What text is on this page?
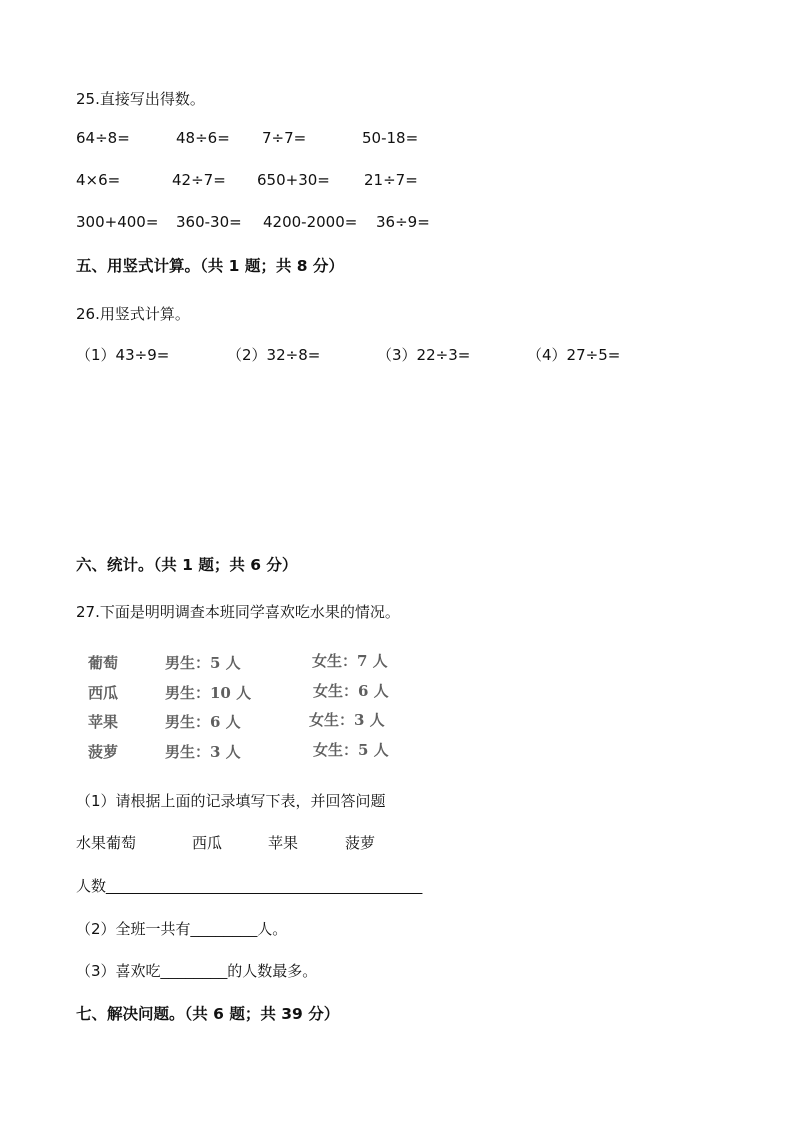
25.直接写出得数。
64÷8=	48÷6= 7÷7=	50-18=
4×6=	42÷7= 650+30= 21÷7=
300+400= 360-30= 4200-2000= 36÷9=
五、用竖式计算。（共 1 题；共 8 分）
26.用竖式计算。
（1）43÷9=	（2）32÷8=	（3）22÷3=	（4）27÷5=
六、统计。（共 1 题；共 6 分）
27.下面是明明调查本班同学喜欢吃水果的情况。
葡萄	男生：5 人	女生：7 人
西瓜	男生：10 人	女生：6 人
苹果	男生：6 人	女生：3 人
菠萝	男生：3 人	女生：5 人
（1）请根据上面的记录填写下表，并回答问题
水果葡萄	西瓜	苹果	菠萝
人数____________________________________
（2）全班一共有________人。
（3）喜欢吃________的人数最多。
七、解决问题。（共 6 题；共 39 分）
